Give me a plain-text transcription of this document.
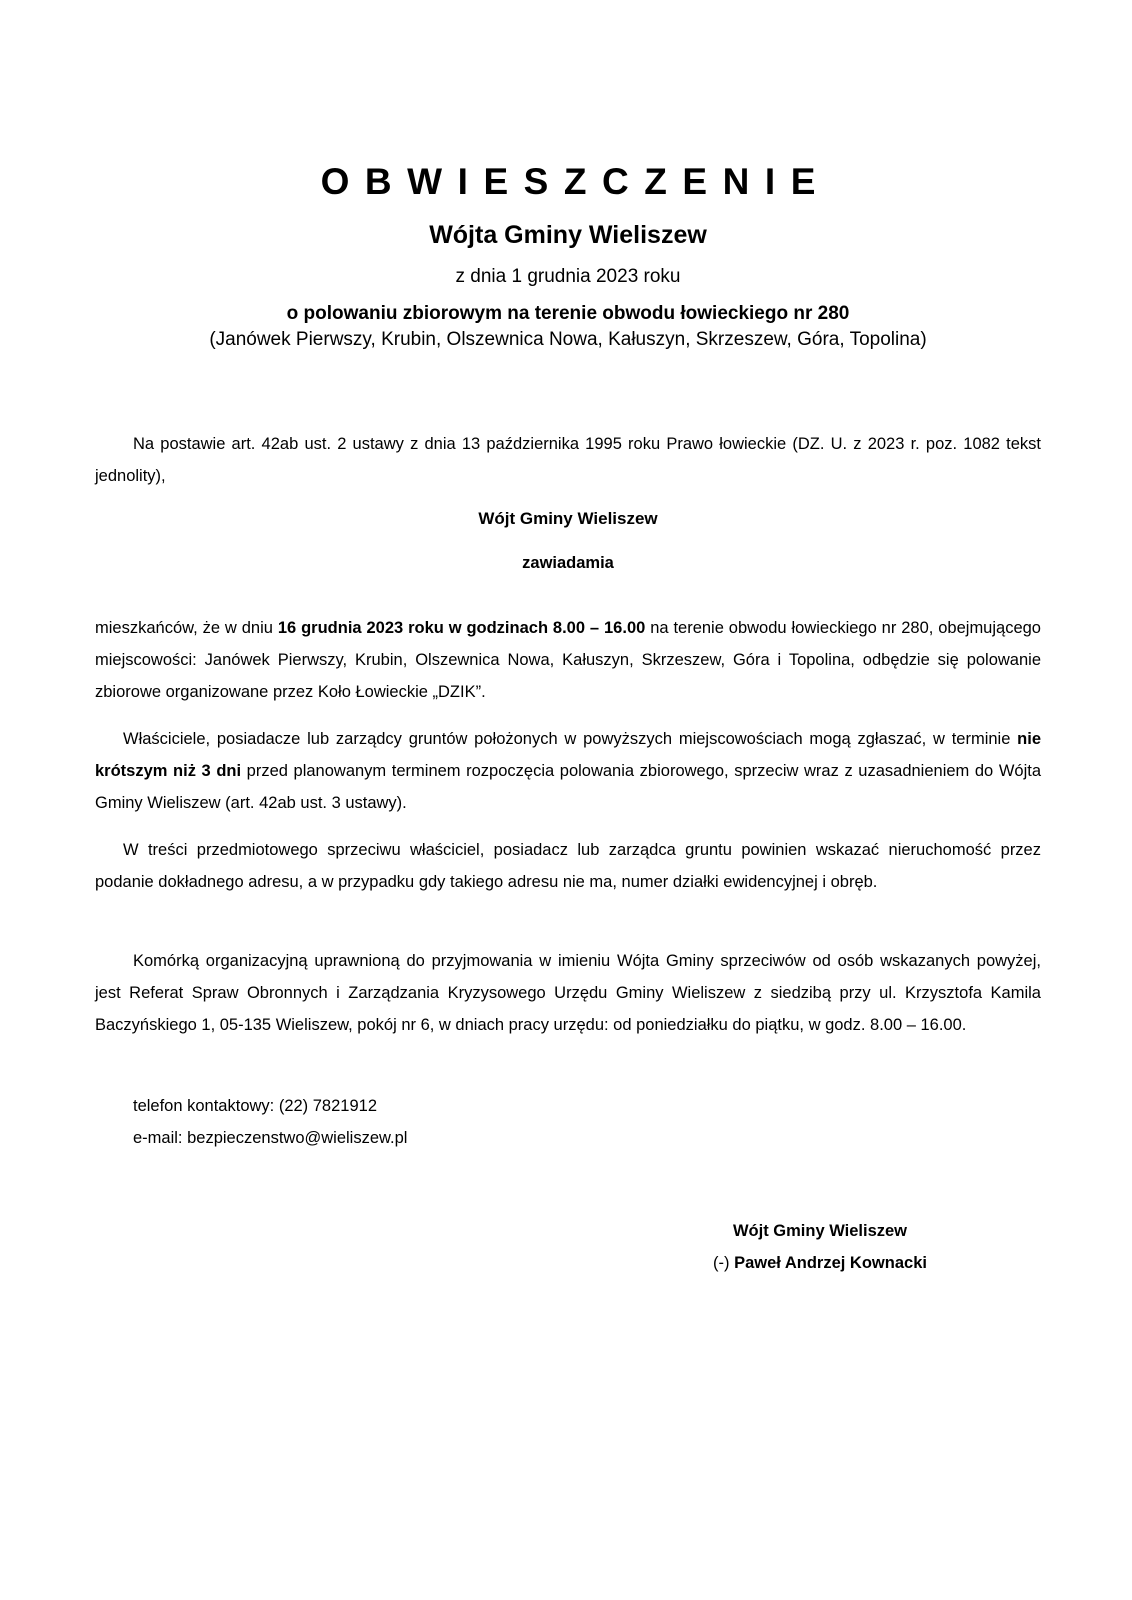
OBWIESZCZENIE
Wójta Gminy Wieliszew
z dnia 1 grudnia 2023 roku
o polowaniu zbiorowym na terenie obwodu łowieckiego nr 280
(Janówek Pierwszy, Krubin, Olszewnica Nowa, Kałuszyn, Skrzeszew, Góra, Topolina)
Na postawie art. 42ab ust. 2 ustawy z dnia 13 października 1995 roku Prawo łowieckie (DZ. U. z 2023 r. poz. 1082 tekst jednolity),
Wójt Gminy Wieliszew
zawiadamia
mieszkańców, że w dniu 16 grudnia 2023 roku w godzinach 8.00 – 16.00 na terenie obwodu łowieckiego nr 280, obejmującego miejscowości: Janówek Pierwszy, Krubin, Olszewnica Nowa, Kałuszyn, Skrzeszew, Góra i Topolina, odbędzie się polowanie zbiorowe organizowane przez Koło Łowieckie „DZIK”.
Właściciele, posiadacze lub zarządcy gruntów położonych w powyższych miejscowościach mogą zgłaszać, w terminie nie krótszym niż 3 dni przed planowanym terminem rozpoczęcia polowania zbiorowego, sprzeciw wraz z uzasadnieniem do Wójta Gminy Wieliszew (art. 42ab ust. 3 ustawy).
W treści przedmiotowego sprzeciwu właściciel, posiadacz lub zarządca gruntu powinien wskazać nieruchomość przez podanie dokładnego adresu, a w przypadku gdy takiego adresu nie ma, numer działki ewidencyjnej i obręb.
Komórką organizacyjną uprawnioną do przyjmowania w imieniu Wójta Gminy sprzeciwów od osób wskazanych powyżej, jest Referat Spraw Obronnych i Zarządzania Kryzysowego Urzędu Gminy Wieliszew z siedzibą przy ul. Krzysztofa Kamila Baczyńskiego 1, 05-135 Wieliszew, pokój nr 6, w dniach pracy urzędu: od poniedziałku do piątku, w godz. 8.00 – 16.00.
telefon kontaktowy: (22) 7821912
e-mail: bezpieczenstwo@wieliszew.pl
Wójt Gminy Wieliszew
(-) Paweł Andrzej Kownacki
